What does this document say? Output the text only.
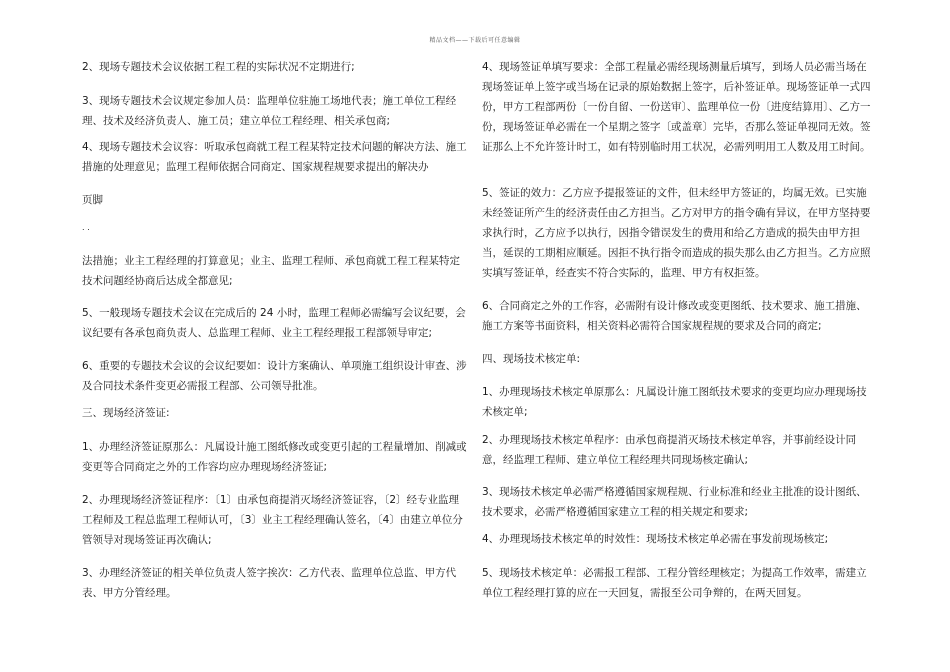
精品文档——下载后可任意编辑

2、现场专题技术会议依据工程工程的实际状况不定期进行;

3、现场专题技术会议规定参加人员：监理单位驻施工场地代表；施工单位工程经理、技术及经济负责人、施工员；建立单位工程经理、相关承包商;

4、现场专题技术会议容：听取承包商就工程工程某特定技术问题的解决方法、施工措施的处理意见；监理工程师依据合同商定、国家规程规要求提出的解决办

页脚

. .

法措施；业主工程经理的打算意见；业主、监理工程师、承包商就工程工程某特定技术问题经协商后达成全都意见;

5、一般现场专题技术会议在完成后的 24 小时，监理工程师必需编写会议纪要，会议纪要有各承包商负责人、总监理工程师、业主工程经理报工程部领导审定;

6、重要的专题技术会议的会议纪要如：设计方案确认、单项施工组织设计审查、涉及合同技术条件变更必需报工程部、公司领导批准。

三、现场经济签证:

1、办理经济签证原那么：凡属设计施工图纸修改或变更引起的工程量增加、削减或变更等合同商定之外的工作容均应办理现场经济签证;

2、办理现场经济签证程序：〔1〕由承包商提消灭场经济签证容，〔2〕经专业监理工程师及工程总监理工程师认可，〔3〕业主工程经理确认签名，〔4〕由建立单位分管领导对现场签证再次确认;

3、办理经济签证的相关单位负责人签字挨次：乙方代表、监理单位总监、甲方代表、甲方分管经理。

4、现场签证单填写要求：全部工程量必需经现场测量后填写，到场人员必需当场在现场签证单上签字或当场在记录的原始数据上签字，后补签证单。现场签证单一式四份，甲方工程部两份〔一份自留、一份送审〕、监理单位一份〔进度结算用〕、乙方一份，现场签证单必需在一个星期之签字〔或盖章〕完毕，否那么签证单视同无效。签证那么上不允许签计时工，如有特别临时用工状况，必需列明用工人数及用工时间。

5、签证的效力：乙方应予提报签证的文件，但未经甲方签证的，均属无效。已实施未经签证所产生的经济责任由乙方担当。乙方对甲方的指令确有异议，在甲方坚持要求执行时，乙方应予以执行，因指令错误发生的费用和给乙方造成的损失由甲方担当，延误的工期相应顺延。因拒不执行指令而造成的损失那么由乙方担当。乙方应照实填写签证单，经查实不符合实际的，监理、甲方有权拒签。

6、合同商定之外的工作容，必需附有设计修改或变更图纸、技术要求、施工措施、施工方案等书面资料，相关资料必需符合国家规程规的要求及合同的商定;

四、现场技术核定单:

1、办理现场技术核定单原那么：凡属设计施工图纸技术要求的变更均应办理现场技术核定单;

2、办理现场技术核定单程序：由承包商提消灭场技术核定单容，并事前经设计同意，经监理工程师、建立单位工程经理共同现场核定确认;

3、现场技术核定单必需严格遵循国家规程规、行业标准和经业主批准的设计图纸、技术要求，必需严格遵循国家建立工程的相关规定和要求;

4、办理现场技术核定单的时效性：现场技术核定单必需在事发前现场核定;

5、现场技术核定单：必需报工程部、工程分管经理核定；为提高工作效率，需建立单位工程经理打算的应在一天回复，需报至公司争辩的，在两天回复。
